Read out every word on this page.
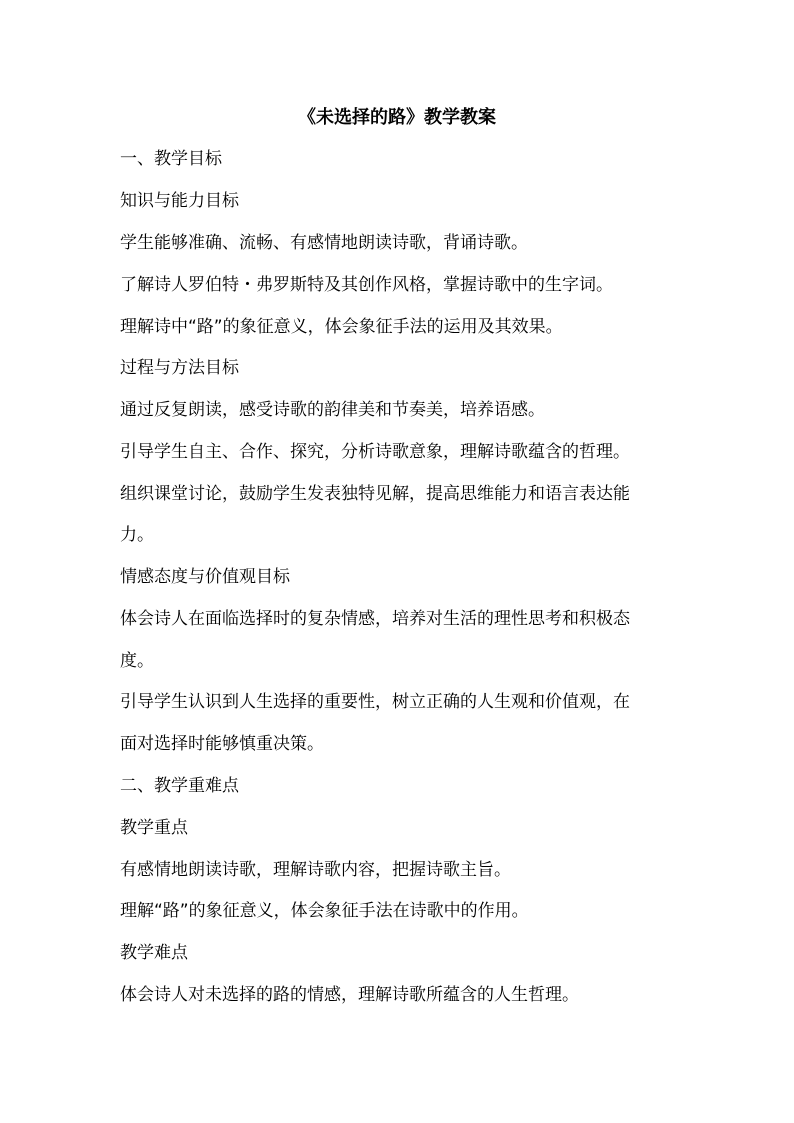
《未选择的路》教学教案
一、教学目标
知识与能力目标
学生能够准确、流畅、有感情地朗读诗歌，背诵诗歌。
了解诗人罗伯特・弗罗斯特及其创作风格，掌握诗歌中的生字词。
理解诗中“路”的象征意义，体会象征手法的运用及其效果。
过程与方法目标
通过反复朗读，感受诗歌的韵律美和节奏美，培养语感。
引导学生自主、合作、探究，分析诗歌意象，理解诗歌蕴含的哲理。
组织课堂讨论，鼓励学生发表独特见解，提高思维能力和语言表达能
力。
情感态度与价值观目标
体会诗人在面临选择时的复杂情感，培养对生活的理性思考和积极态
度。
引导学生认识到人生选择的重要性，树立正确的人生观和价值观，在
面对选择时能够慎重决策。
二、教学重难点
教学重点
有感情地朗读诗歌，理解诗歌内容，把握诗歌主旨。
理解“路”的象征意义，体会象征手法在诗歌中的作用。
教学难点
体会诗人对未选择的路的情感，理解诗歌所蕴含的人生哲理。
